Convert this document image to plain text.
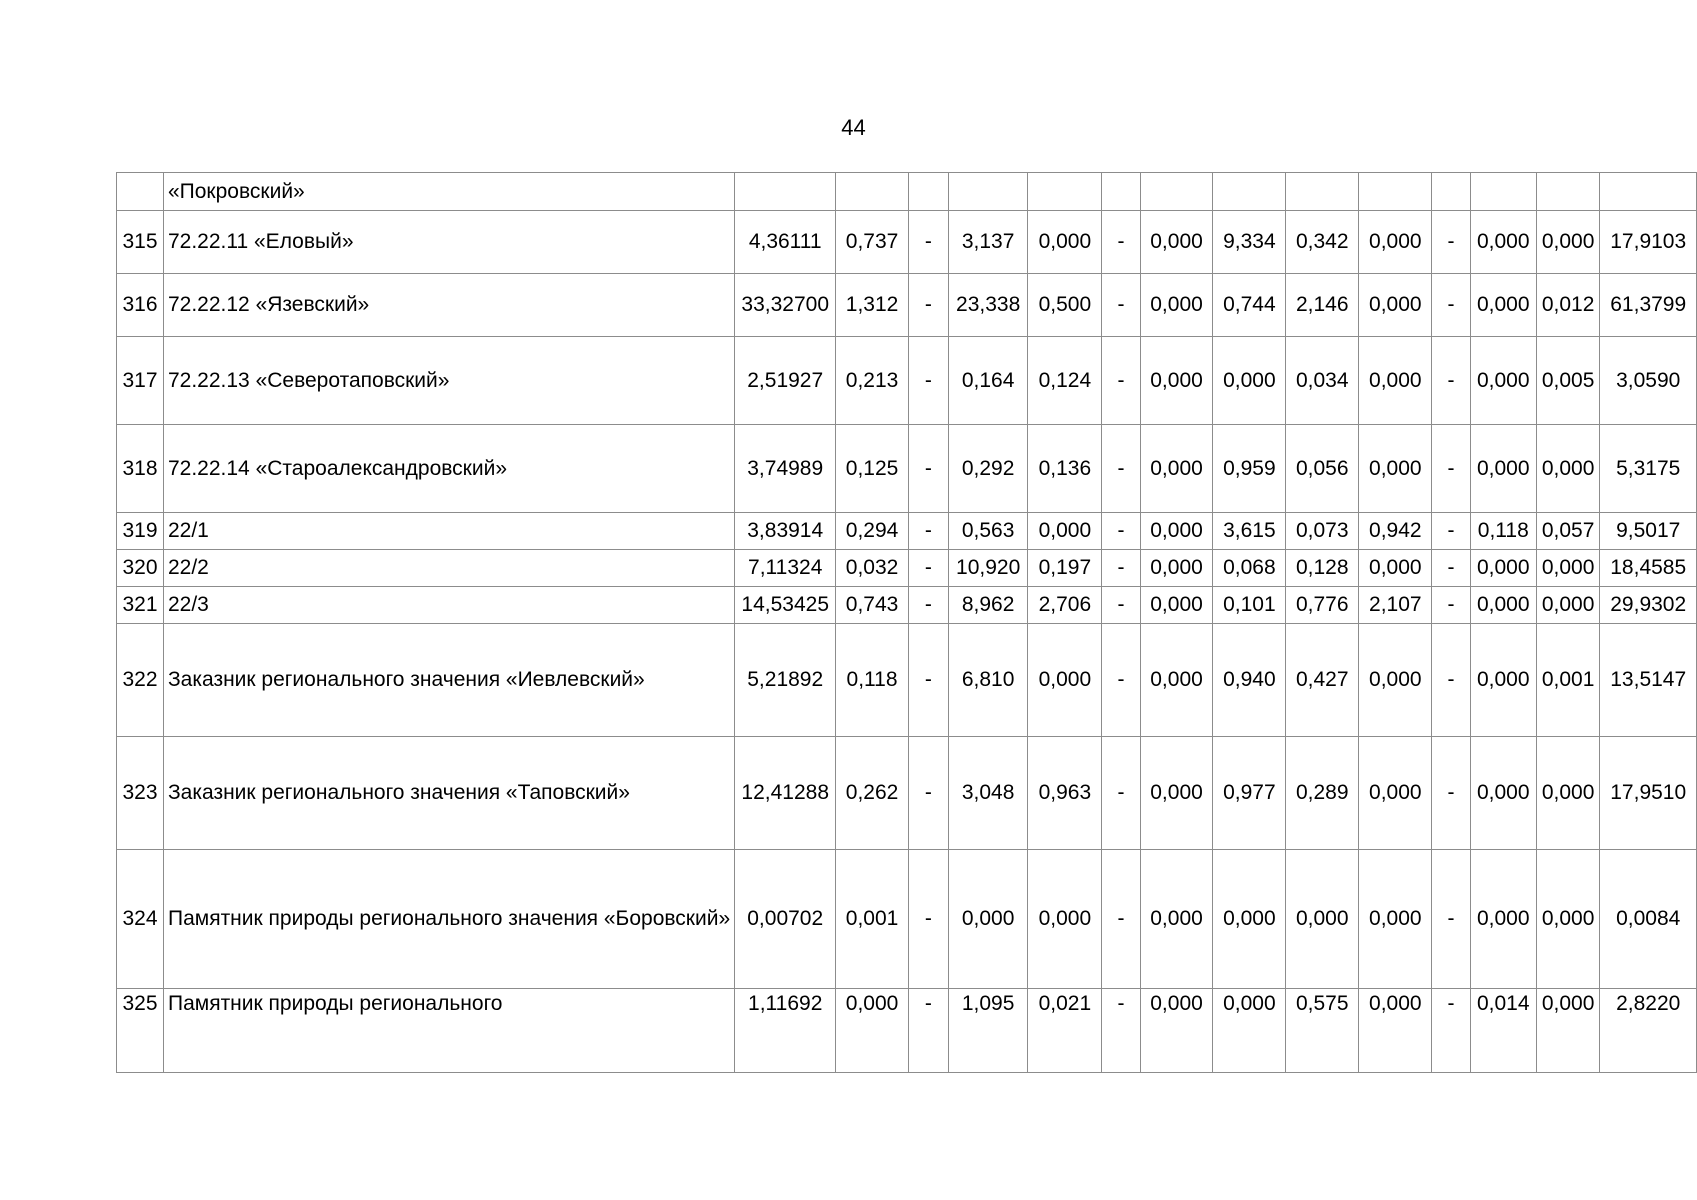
44
	«Покровский»														
315	72.22.11 «Еловый»	4,36111	0,737	-	3,137	0,000	-	0,000	9,334	0,342	0,000	-	0,000	0,000	17,9103
316	72.22.12 «Язевский»	33,32700	1,312	-	23,338	0,500	-	0,000	0,744	2,146	0,000	-	0,000	0,012	61,3799
317	72.22.13 «Северотаповский»	2,51927	0,213	-	0,164	0,124	-	0,000	0,000	0,034	0,000	-	0,000	0,005	3,0590
318	72.22.14 «Староалександровский»	3,74989	0,125	-	0,292	0,136	-	0,000	0,959	0,056	0,000	-	0,000	0,000	5,3175
319	22/1	3,83914	0,294	-	0,563	0,000	-	0,000	3,615	0,073	0,942	-	0,118	0,057	9,5017
320	22/2	7,11324	0,032	-	10,920	0,197	-	0,000	0,068	0,128	0,000	-	0,000	0,000	18,4585
321	22/3	14,53425	0,743	-	8,962	2,706	-	0,000	0,101	0,776	2,107	-	0,000	0,000	29,9302
322	Заказник регионального значения «Иевлевский»	5,21892	0,118	-	6,810	0,000	-	0,000	0,940	0,427	0,000	-	0,000	0,001	13,5147
323	Заказник регионального значения «Таповский»	12,41288	0,262	-	3,048	0,963	-	0,000	0,977	0,289	0,000	-	0,000	0,000	17,9510
324	Памятник природы регионального значения «Боровский»	0,00702	0,001	-	0,000	0,000	-	0,000	0,000	0,000	0,000	-	0,000	0,000	0,0084
325	Памятник природы регионального	1,11692	0,000	-	1,095	0,021	-	0,000	0,000	0,575	0,000	-	0,014	0,000	2,8220
